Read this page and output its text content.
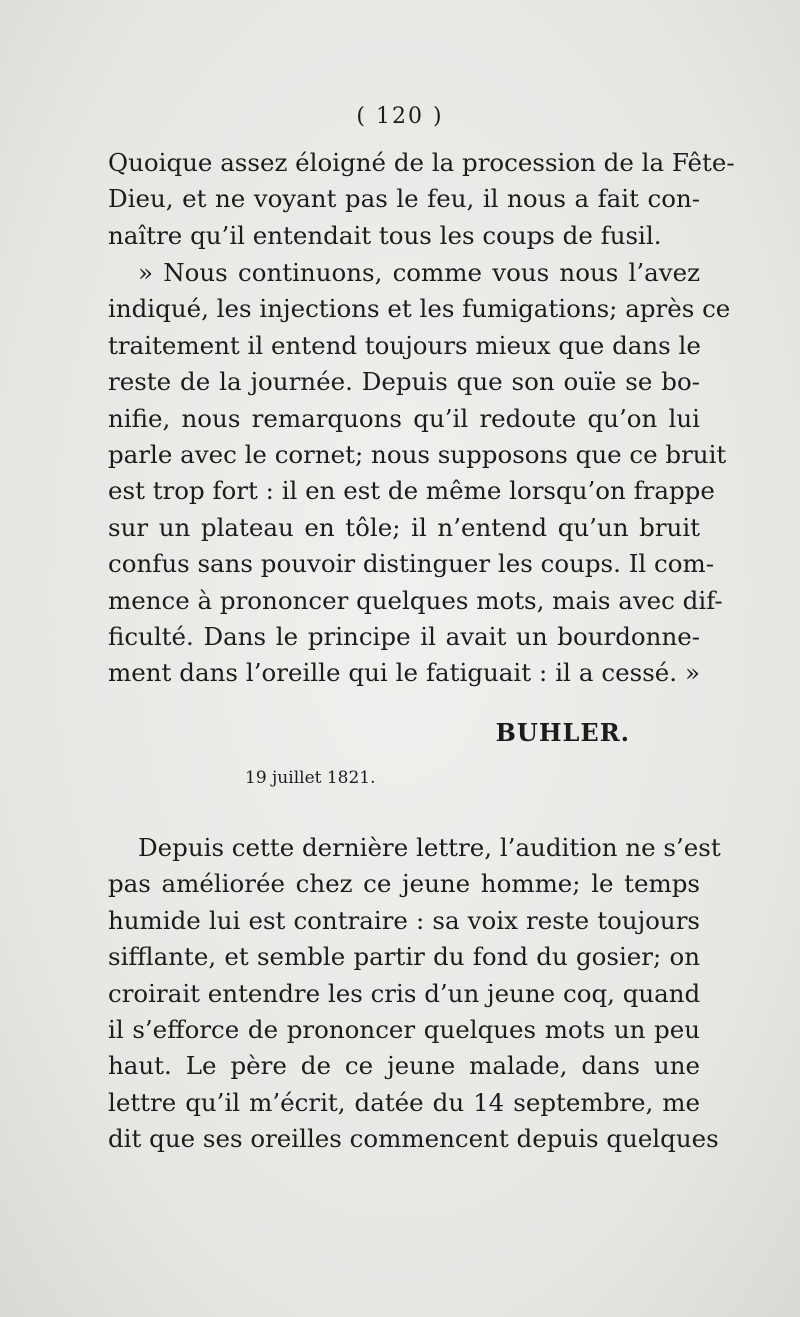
( 120 )
Quoique assez éloigné de la procession de la Fête-
Dieu, et ne voyant pas le feu, il nous a fait con-
naître qu’il entendait tous les coups de fusil.
» Nous continuons, comme vous nous l’avez
indiqué, les injections et les fumigations; après ce
traitement il entend toujours mieux que dans le
reste de la journée. Depuis que son ouïe se bo-
nifie, nous remarquons qu’il redoute qu’on lui
parle avec le cornet; nous supposons que ce bruit
est trop fort : il en est de même lorsqu’on frappe
sur un plateau en tôle; il n’entend qu’un bruit
confus sans pouvoir distinguer les coups. Il com-
mence à prononcer quelques mots, mais avec dif-
ficulté. Dans le principe il avait un bourdonne-
ment dans l’oreille qui le fatiguait : il a cessé. »
BUHLER.
19 juillet 1821.
Depuis cette dernière lettre, l’audition ne s’est
pas améliorée chez ce jeune homme; le temps
humide lui est contraire : sa voix reste toujours
sifflante, et semble partir du fond du gosier; on
croirait entendre les cris d’un jeune coq, quand
il s’efforce de prononcer quelques mots un peu
haut. Le père de ce jeune malade, dans une
lettre qu’il m’écrit, datée du 14 septembre, me
dit que ses oreilles commencent depuis quelques
